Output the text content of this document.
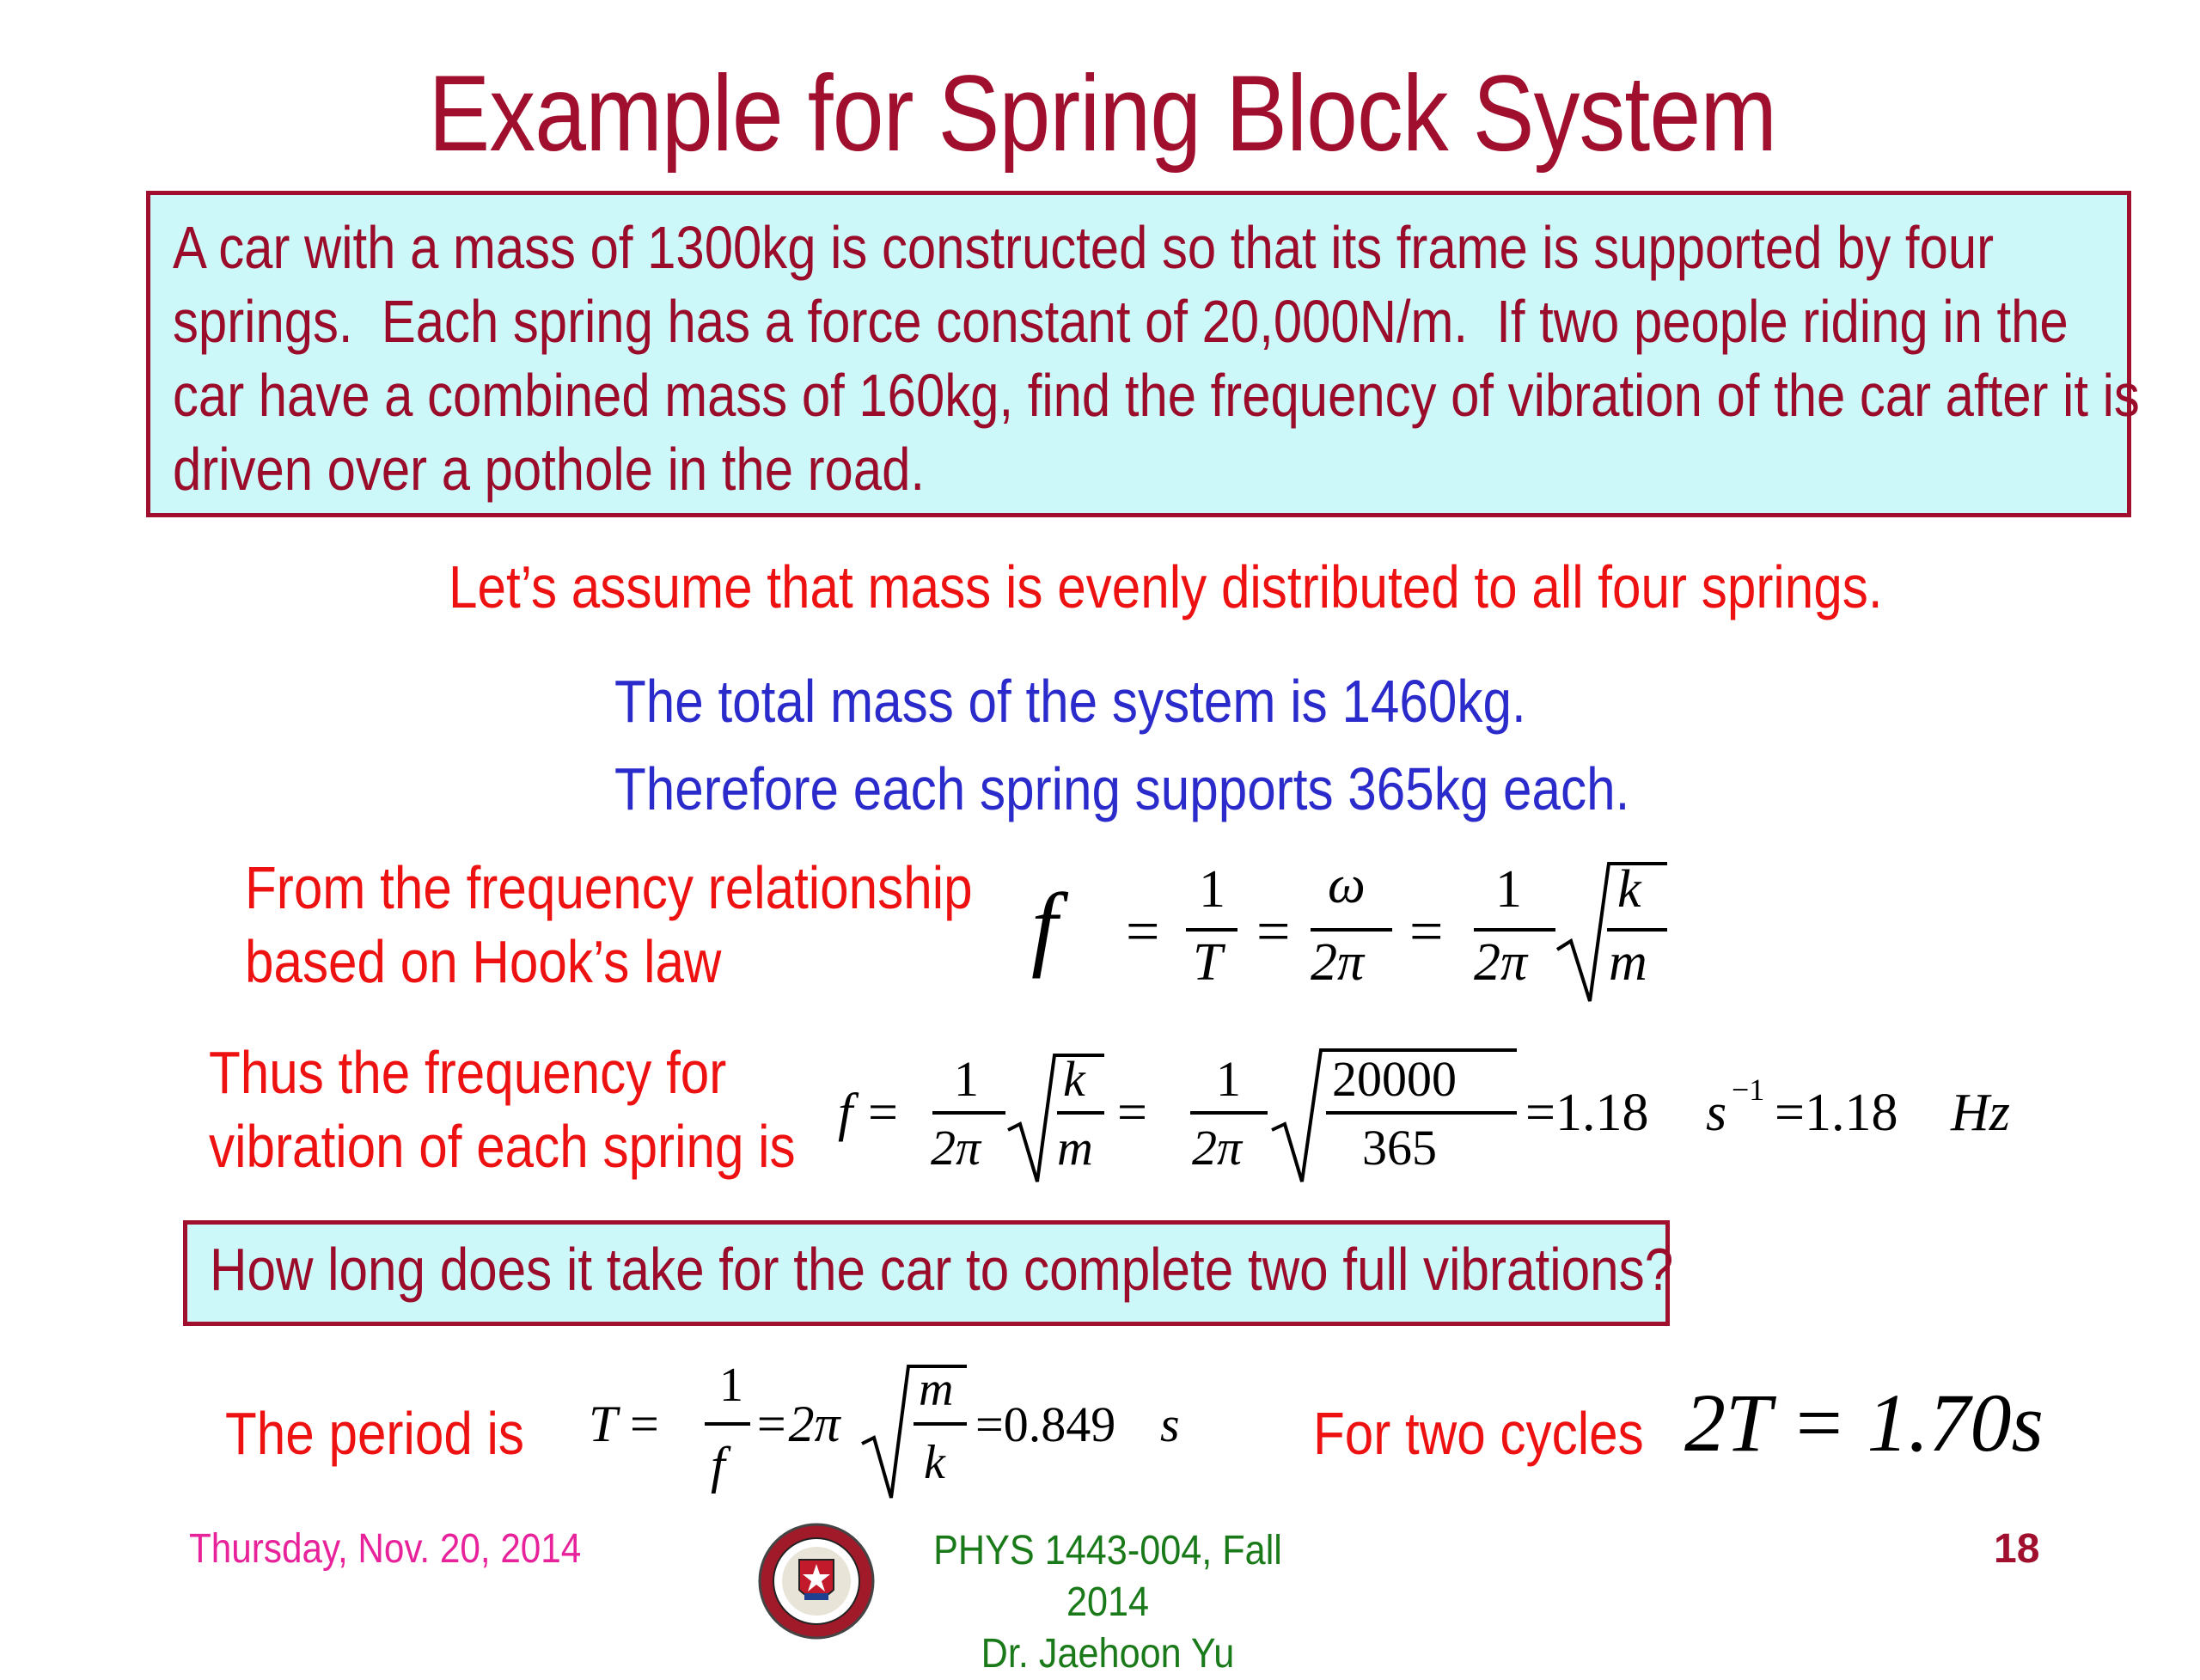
Example for Spring Block System
A car with a mass of 1300kg is constructed so that its frame is supported by four
springs.  Each spring has a force constant of 20,000N/m.  If two people riding in the
car have a combined mass of 160kg, find the frequency of vibration of the car after it is
driven over a pothole in the road.
Let’s assume that mass is evenly distributed to all four springs.
The total mass of the system is 1460kg.
Therefore each spring supports 365kg each.
From the frequency relationship
based on Hook’s law	f =
1
T =
ω
2π =
1
2π
k
m
Thus the frequency for
vibration of each spring is f =
1
2π
k
m
=
1
2π
20000
365
=1.18 s −1 =1.18 Hz
How long does it take for the car to complete two full vibrations?
The period is T =
1
f
=2π
m
k
=0.849 s For two cycles 2T = 1.70s
Thursday, Nov. 20, 2014	PHYS 1443-004, Fall 2014
Dr. Jaehoon Yu
18
